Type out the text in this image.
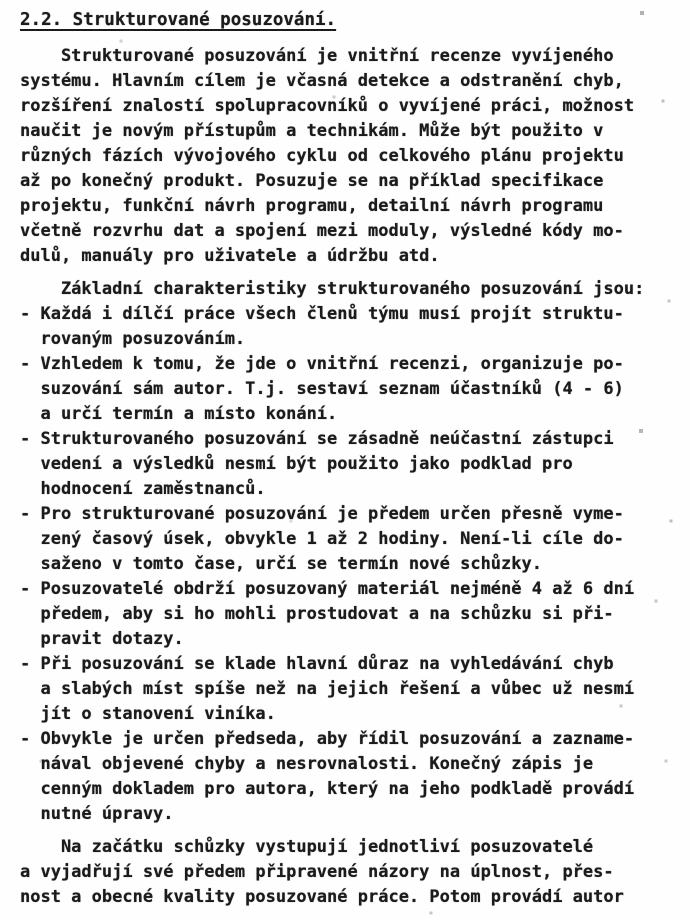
2.2. Strukturované posuzování.
Strukturované posuzování je vnitřní recenze vyvíjeného
systému. Hlavním cílem je včasná detekce a odstranění chyb,
rozšíření znalostí spolupracovníků o vyvíjené práci, možnost
naučit je novým přístupům a technikám. Může být použito v
různých fázích vývojového cyklu od celkového plánu projektu
až po konečný produkt. Posuzuje se na příklad specifikace
projektu, funkční návrh programu, detailní návrh programu
včetně rozvrhu dat a spojení mezi moduly, výsledné kódy mo-
dulů, manuály pro uživatele a údržbu atd.
Základní charakteristiky strukturovaného posuzování jsou:
- Každá i dílčí práce všech členů týmu musí projít struktu-
rovaným posuzováním.
- Vzhledem k tomu, že jde o vnitřní recenzi, organizuje po-
suzování sám autor. T.j. sestaví seznam účastníků (4 - 6)
a určí termín a místo konání.
- Strukturovaného posuzování se zásadně neúčastní zástupci
vedení a výsledků nesmí být použito jako podklad pro
hodnocení zaměstnanců.
- Pro strukturované posuzování je předem určen přesně vyme-
zený časový úsek, obvykle 1 až 2 hodiny. Není-li cíle do-
saženo v tomto čase, určí se termín nové schůzky.
- Posuzovatelé obdrží posuzovaný materiál nejméně 4 až 6 dní
předem, aby si ho mohli prostudovat a na schůzku si při-
pravit dotazy.
- Při posuzování se klade hlavní důraz na vyhledávání chyb
a slabých míst spíše než na jejich řešení a vůbec už nesmí
jít o stanovení viníka.
- Obvykle je určen předseda, aby řídil posuzování a zazname-
nával objevené chyby a nesrovnalosti. Konečný zápis je
cenným dokladem pro autora, který na jeho podkladě provádí
nutné úpravy.
Na začátku schůzky vystupují jednotliví posuzovatelé
a vyjadřují své předem připravené názory na úplnost, přes-
nost a obecné kvality posuzované práce. Potom provádí autor
